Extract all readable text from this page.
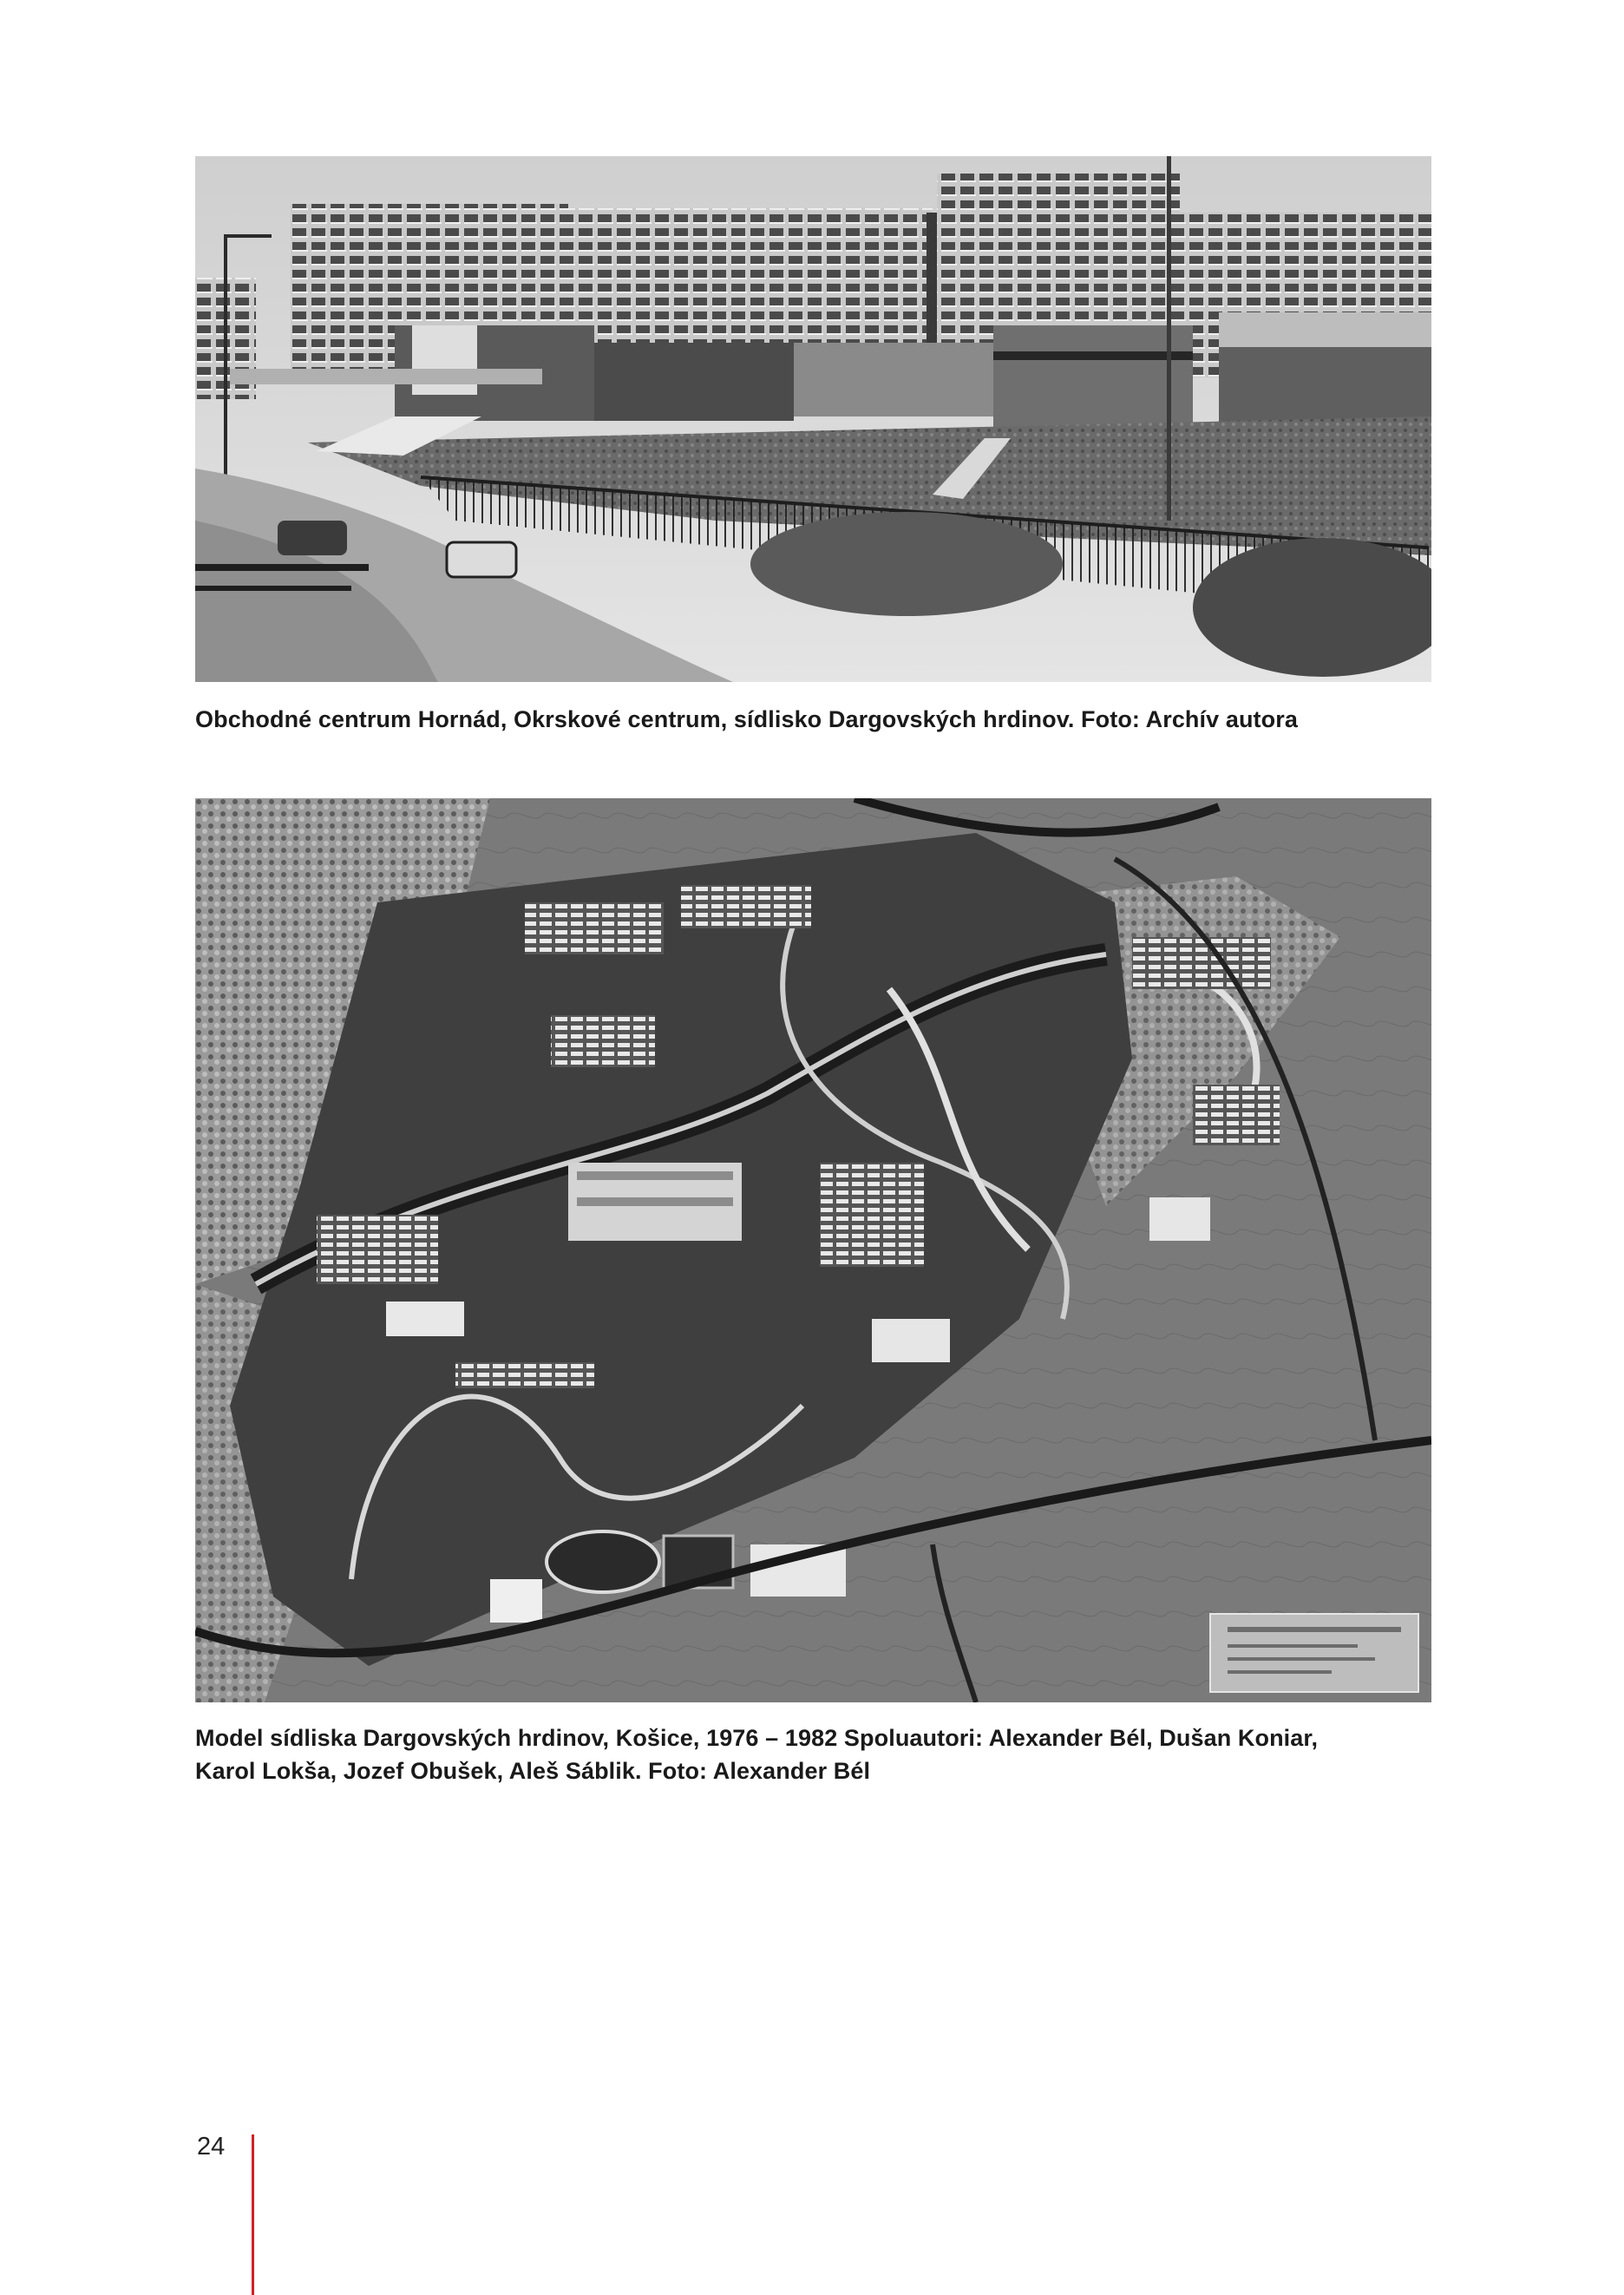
Obchodné centrum Hornád, Okrskové centrum, sídlisko Dargovských hrdinov. Foto: Archív autora
Model sídliska Dargovských hrdinov, Košice, 1976 – 1982 Spoluautori: Alexander Bél, Dušan Koniar,
Karol Lokša, Jozef Obušek, Aleš Sáblik. Foto: Alexander Bél
24
